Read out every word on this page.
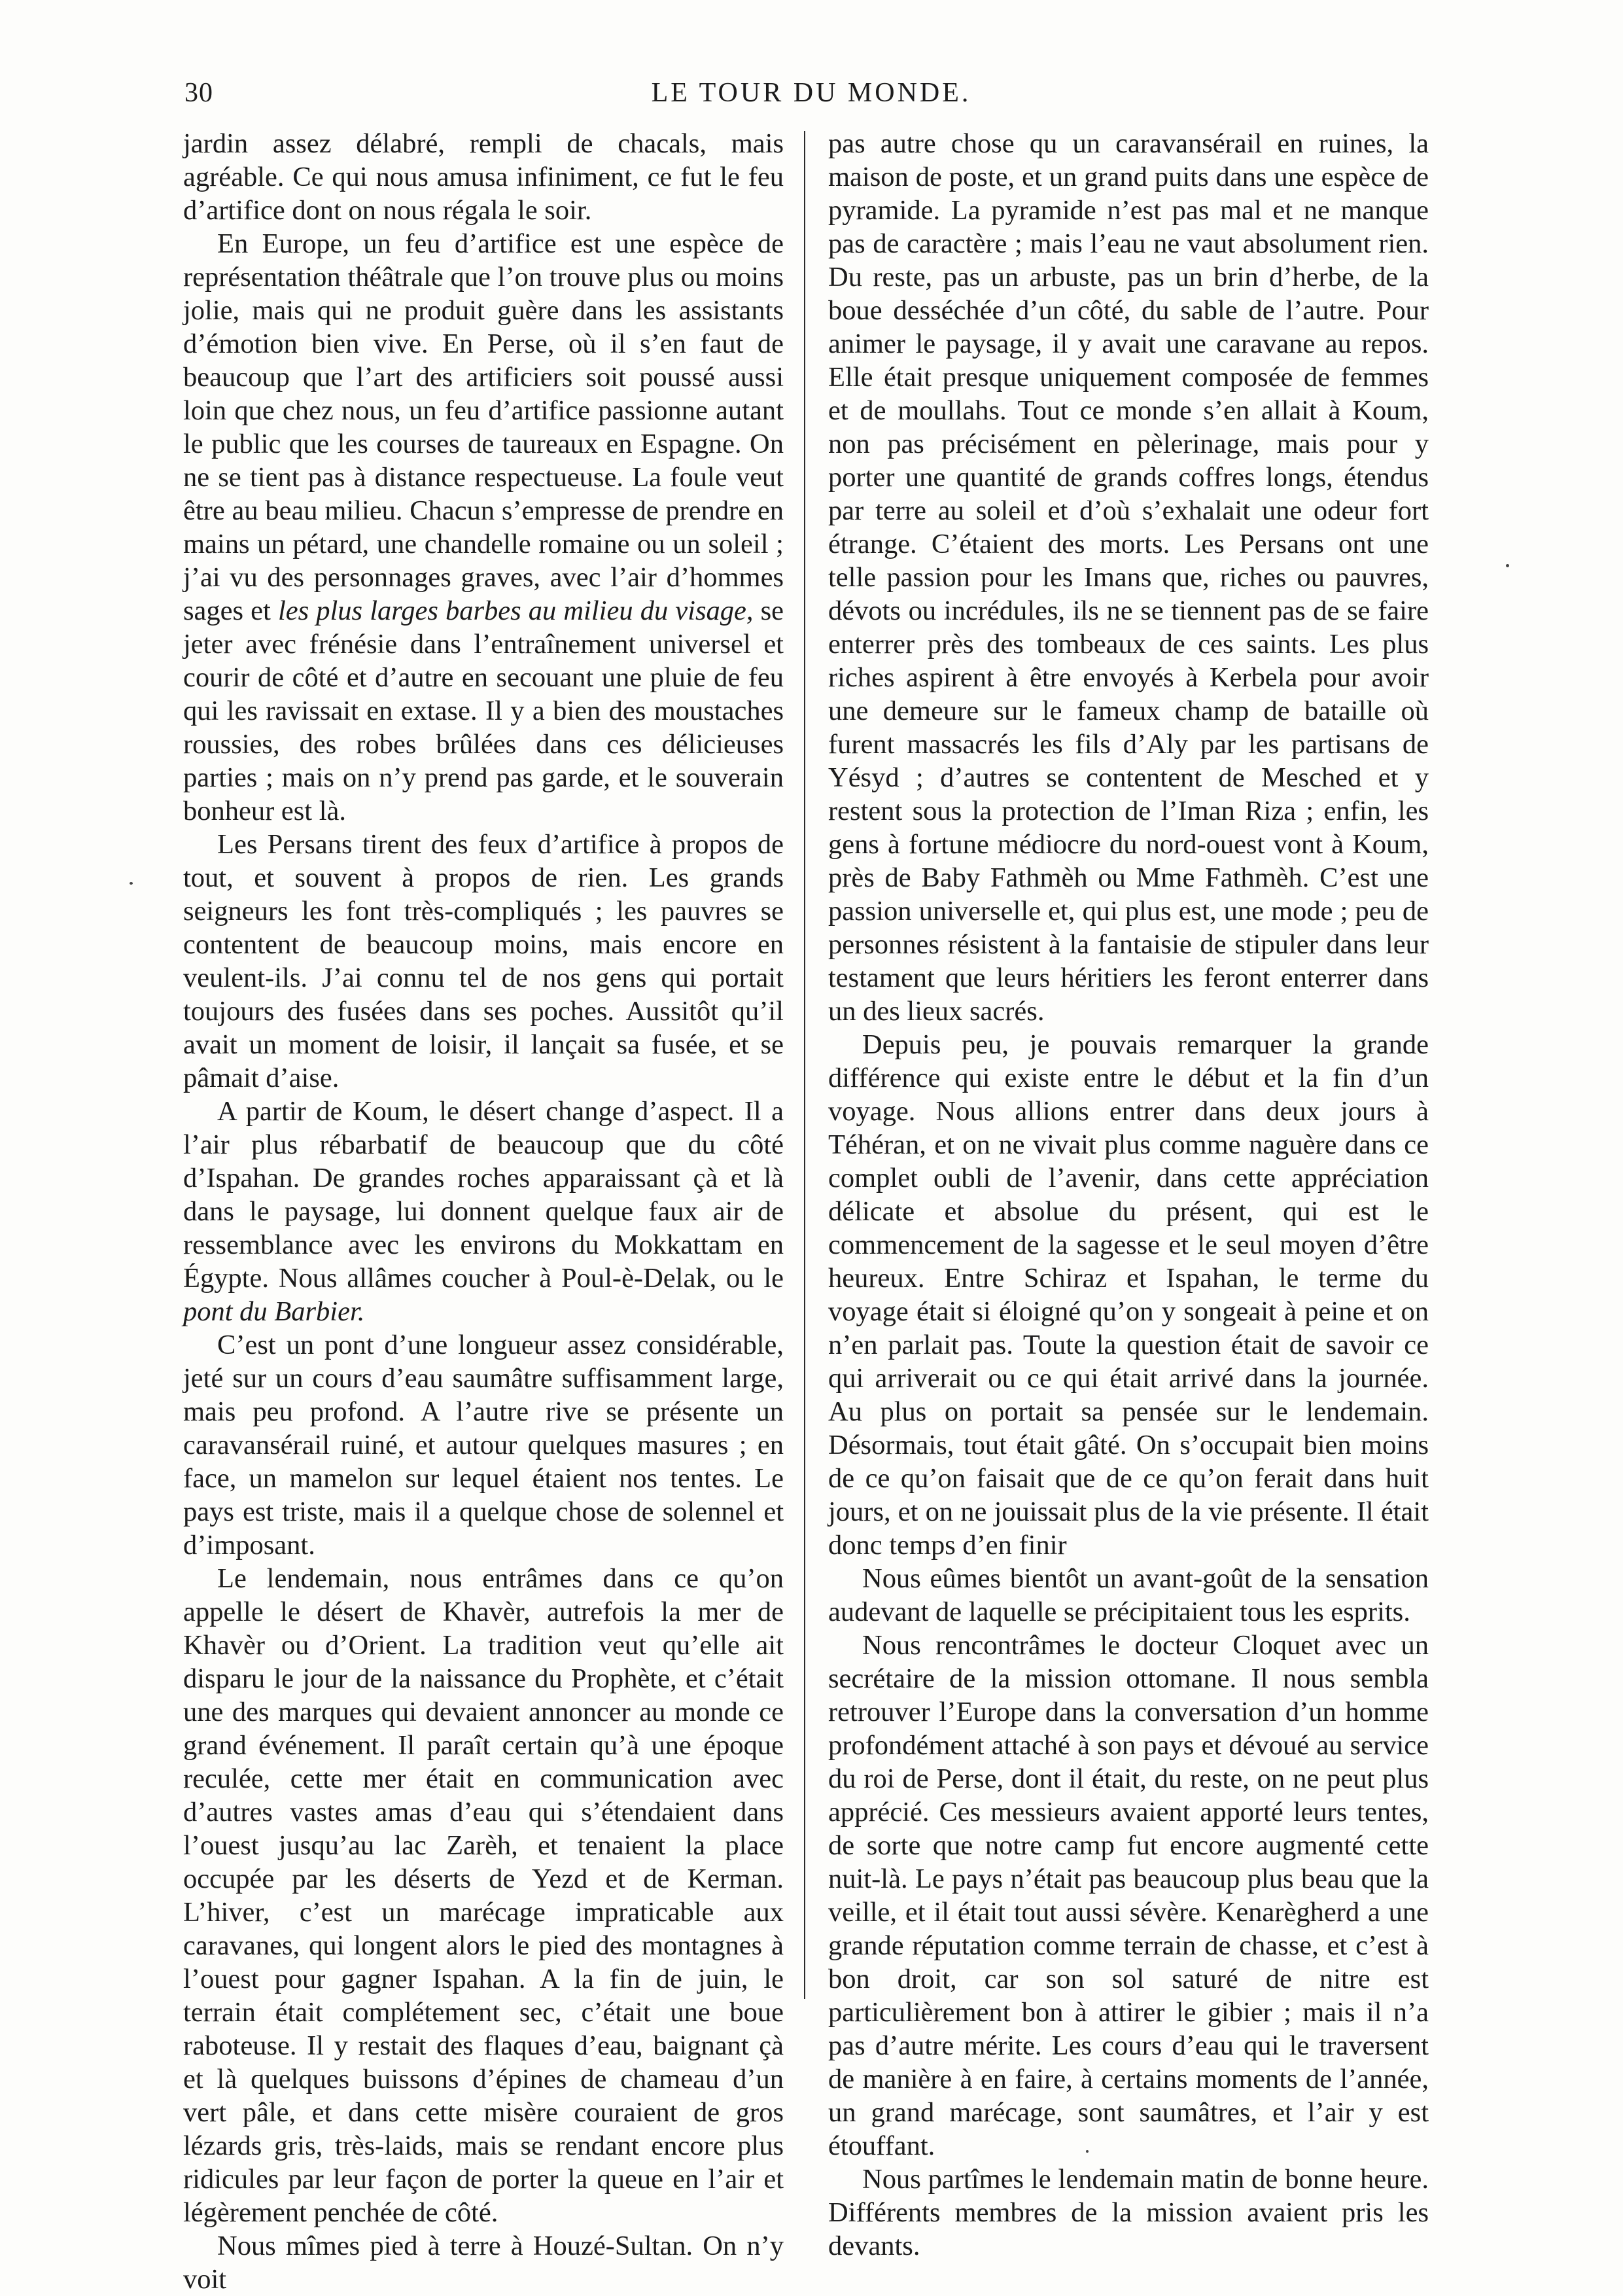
30	LE TOUR DU MONDE.

jardin assez délabré, rempli de chacals, mais agréable. Ce qui nous amusa infiniment, ce fut le feu d’artifice dont on nous régala le soir.

En Europe, un feu d’artifice est une espèce de représentation théâtrale que l’on trouve plus ou moins jolie, mais qui ne produit guère dans les assistants d’émotion bien vive. En Perse, où il s’en faut de beaucoup que l’art des artificiers soit poussé aussi loin que chez nous, un feu d’artifice passionne autant le public que les courses de taureaux en Espagne. On ne se tient pas à distance respectueuse. La foule veut être au beau milieu. Chacun s’empresse de prendre en mains un pétard, une chandelle romaine ou un soleil ; j’ai vu des personnages graves, avec l’air d’hommes sages et les plus larges barbes au milieu du visage, se jeter avec frénésie dans l’entraînement universel et courir de côté et d’autre en secouant une pluie de feu qui les ravissait en extase. Il y a bien des moustaches roussies, des robes brûlées dans ces délicieuses parties ; mais on n’y prend pas garde, et le souverain bonheur est là.

Les Persans tirent des feux d’artifice à propos de tout, et souvent à propos de rien. Les grands seigneurs les font très-compliqués ; les pauvres se contentent de beaucoup moins, mais encore en veulent-ils. J’ai connu tel de nos gens qui portait toujours des fusées dans ses poches. Aussitôt qu’il avait un moment de loisir, il lançait sa fusée, et se pâmait d’aise.

A partir de Koum, le désert change d’aspect. Il a l’air plus rébarbatif de beaucoup que du côté d’Ispahan. De grandes roches apparaissant çà et là dans le paysage, lui donnent quelque faux air de ressemblance avec les environs du Mokkattam en Égypte. Nous allâmes coucher à Poul-è-Delak, ou le pont du Barbier.

C’est un pont d’une longueur assez considérable, jeté sur un cours d’eau saumâtre suffisamment large, mais peu profond. A l’autre rive se présente un caravansérail ruiné, et autour quelques masures ; en face, un mamelon sur lequel étaient nos tentes. Le pays est triste, mais il a quelque chose de solennel et d’imposant.

Le lendemain, nous entrâmes dans ce qu’on appelle le désert de Khavèr, autrefois la mer de Khavèr ou d’Orient. La tradition veut qu’elle ait disparu le jour de la naissance du Prophète, et c’était une des marques qui devaient annoncer au monde ce grand événement. Il paraît certain qu’à une époque reculée, cette mer était en communication avec d’autres vastes amas d’eau qui s’étendaient dans l’ouest jusqu’au lac Zarèh, et tenaient la place occupée par les déserts de Yezd et de Kerman. L’hiver, c’est un marécage impraticable aux caravanes, qui longent alors le pied des montagnes à l’ouest pour gagner Ispahan. A la fin de juin, le terrain était complétement sec, c’était une boue raboteuse. Il y restait des flaques d’eau, baignant çà et là quelques buissons d’épines de chameau d’un vert pâle, et dans cette misère couraient de gros lézards gris, très-laids, mais se rendant encore plus ridicules par leur façon de porter la queue en l’air et légèrement penchée de côté.

Nous mîmes pied à terre à Houzé-Sultan. On n’y voit

pas autre chose qu un caravansérail en ruines, la maison de poste, et un grand puits dans une espèce de pyramide. La pyramide n’est pas mal et ne manque pas de caractère ; mais l’eau ne vaut absolument rien. Du reste, pas un arbuste, pas un brin d’herbe, de la boue desséchée d’un côté, du sable de l’autre. Pour animer le paysage, il y avait une caravane au repos. Elle était presque uniquement composée de femmes et de moullahs. Tout ce monde s’en allait à Koum, non pas précisément en pèlerinage, mais pour y porter une quantité de grands coffres longs, étendus par terre au soleil et d’où s’exhalait une odeur fort étrange. C’étaient des morts. Les Persans ont une telle passion pour les Imans que, riches ou pauvres, dévots ou incrédules, ils ne se tiennent pas de se faire enterrer près des tombeaux de ces saints. Les plus riches aspirent à être envoyés à Kerbela pour avoir une demeure sur le fameux champ de bataille où furent massacrés les fils d’Aly par les partisans de Yésyd ; d’autres se contentent de Mesched et y restent sous la protection de l’Iman Riza ; enfin, les gens à fortune médiocre du nord-ouest vont à Koum, près de Baby Fathmèh ou Mme Fathmèh. C’est une passion universelle et, qui plus est, une mode ; peu de personnes résistent à la fantaisie de stipuler dans leur testament que leurs héritiers les feront enterrer dans un des lieux sacrés.

Depuis peu, je pouvais remarquer la grande différence qui existe entre le début et la fin d’un voyage. Nous allions entrer dans deux jours à Téhéran, et on ne vivait plus comme naguère dans ce complet oubli de l’avenir, dans cette appréciation délicate et absolue du présent, qui est le commencement de la sagesse et le seul moyen d’être heureux. Entre Schiraz et Ispahan, le terme du voyage était si éloigné qu’on y songeait à peine et on n’en parlait pas. Toute la question était de savoir ce qui arriverait ou ce qui était arrivé dans la journée. Au plus on portait sa pensée sur le lendemain. Désormais, tout était gâté. On s’occupait bien moins de ce qu’on faisait que de ce qu’on ferait dans huit jours, et on ne jouissait plus de la vie présente. Il était donc temps d’en finir

Nous eûmes bientôt un avant-goût de la sensation audevant de laquelle se précipitaient tous les esprits.

Nous rencontrâmes le docteur Cloquet avec un secrétaire de la mission ottomane. Il nous sembla retrouver l’Europe dans la conversation d’un homme profondément attaché à son pays et dévoué au service du roi de Perse, dont il était, du reste, on ne peut plus apprécié. Ces messieurs avaient apporté leurs tentes, de sorte que notre camp fut encore augmenté cette nuit-là. Le pays n’était pas beaucoup plus beau que la veille, et il était tout aussi sévère. Kenarègherd a une grande réputation comme terrain de chasse, et c’est à bon droit, car son sol saturé de nitre est particulièrement bon à attirer le gibier ; mais il n’a pas d’autre mérite. Les cours d’eau qui le traversent de manière à en faire, à certains moments de l’année, un grand marécage, sont saumâtres, et l’air y est étouffant.

Nous partîmes le lendemain matin de bonne heure. Différents membres de la mission avaient pris les devants.
